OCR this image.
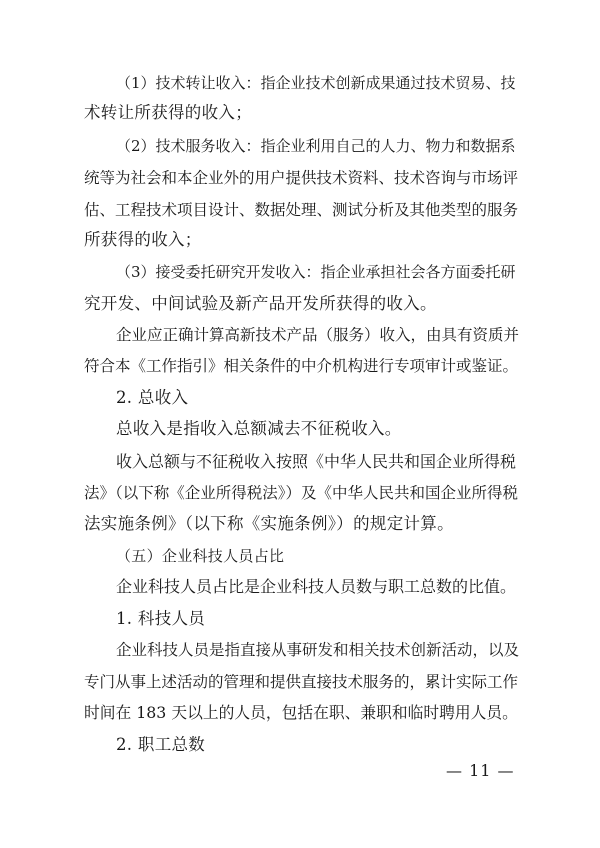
（1）技术转让收入：指企业技术创新成果通过技术贸易、技
术转让所获得的收入；
（2）技术服务收入：指企业利用自己的人力、物力和数据系
统等为社会和本企业外的用户提供技术资料、技术咨询与市场评
估、工程技术项目设计、数据处理、测试分析及其他类型的服务
所获得的收入；
（3）接受委托研究开发收入：指企业承担社会各方面委托研
究开发、中间试验及新产品开发所获得的收入。
企业应正确计算高新技术产品（服务）收入，由具有资质并
符合本《工作指引》相关条件的中介机构进行专项审计或鉴证。
2. 总收入
总收入是指收入总额减去不征税收入。
收入总额与不征税收入按照《中华人民共和国企业所得税
法》（以下称《企业所得税法》）及《中华人民共和国企业所得税
法实施条例》（以下称《实施条例》）的规定计算。
（五）企业科技人员占比
企业科技人员占比是企业科技人员数与职工总数的比值。
1. 科技人员
企业科技人员是指直接从事研发和相关技术创新活动，以及
专门从事上述活动的管理和提供直接技术服务的，累计实际工作
时间在 183 天以上的人员，包括在职、兼职和临时聘用人员。
2. 职工总数
— 11 —
